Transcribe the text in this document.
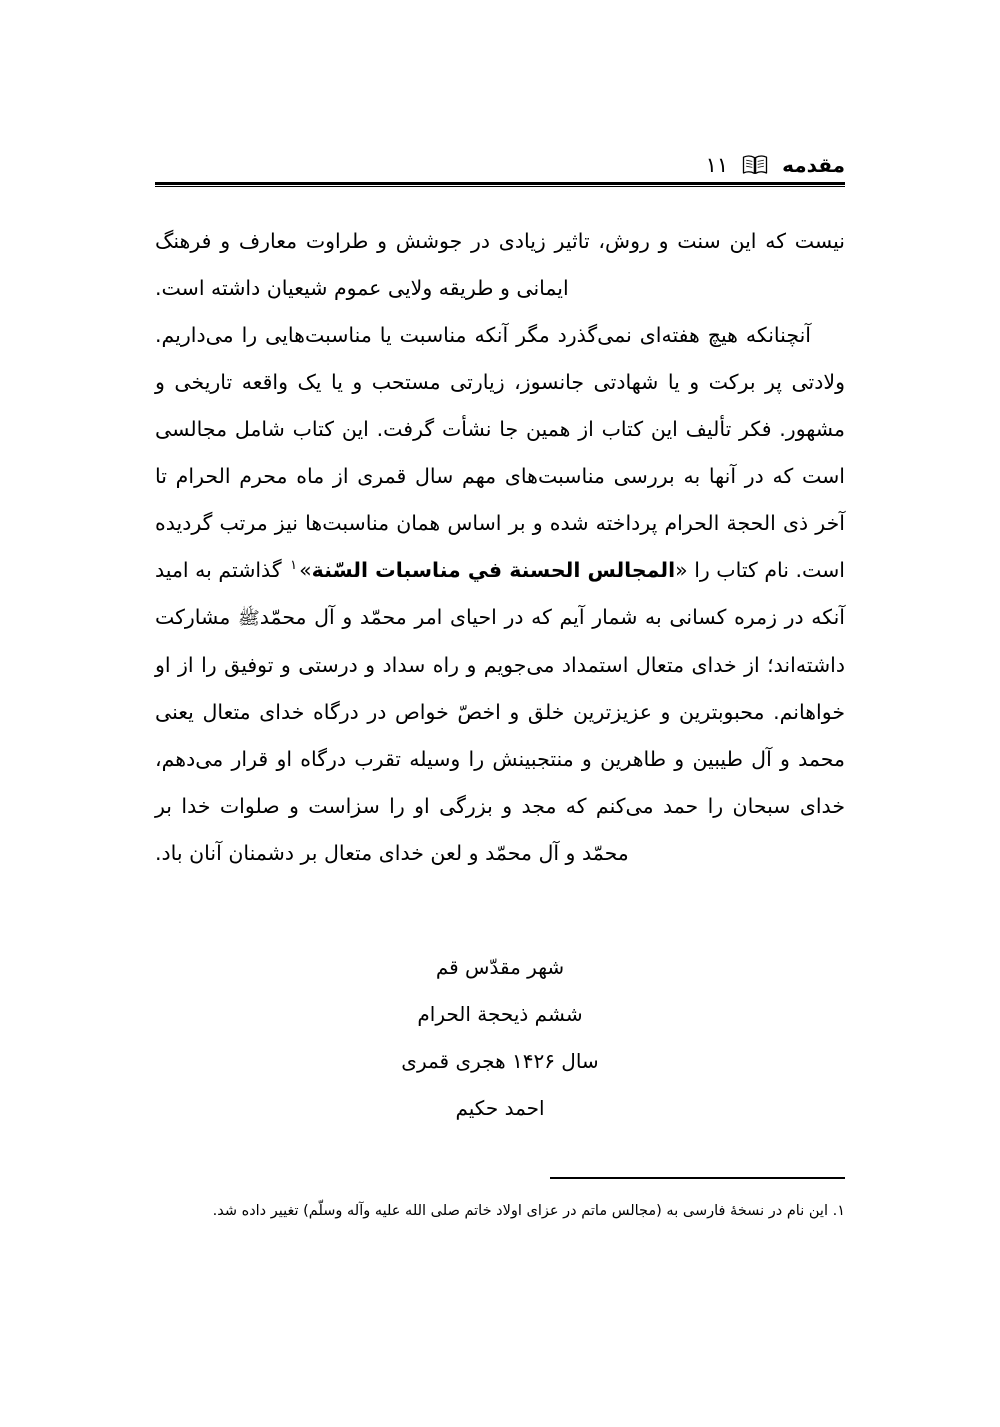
مقدمه
١١

نیست که این سنت و روش، تاثیر زیادی در جوشش و طراوت معارف و فرهنگ ایمانی و طریقه ولایی عموم شیعیان داشته است.

آنچنانکه هیچ هفته‌ای نمی‌گذرد مگر آنکه مناسبت یا مناسبت‌هایی را می‌داریم. ولادتی پر برکت و یا شهادتی جانسوز، زیارتی مستحب و یا یک واقعه تاریخی و مشهور. فکر تألیف این کتاب از همین جا نشأت گرفت. این کتاب شامل مجالسی است که در آنها به بررسی مناسبت‌های مهم سال قمری از ماه محرم الحرام تا آخر ذی الحجة الحرام پرداخته شده و بر اساس همان مناسبت‌ها نیز مرتب گردیده است. نام کتاب را «المجالس الحسنة في مناسبات السّنة»$^١$ گذاشتم به امید آنکه در زمره کسانی به شمار آیم که در احیای امر محمّد و آل محمّدﷺ مشارکت داشته‌اند؛ از خدای متعال استمداد می‌جویم و راه سداد و درستی و توفیق را از او خواهانم. محبوبترین و عزیزترین خلق و اخصّ خواص در درگاه خدای متعال یعنی محمد و آل طیبین و طاهرین و منتجبینش را وسیله تقرب درگاه او قرار می‌دهم، خدای سبحان را حمد می‌کنم که مجد و بزرگی او را سزاست و صلوات خدا بر محمّد و آل محمّد و لعن خدای متعال بر دشمنان آنان باد.

شهر مقدّس قم
ششم ذیحجة الحرام
سال ۱۴۲۶ هجری قمری
احمد حکیم

١. این نام در نسخۀ فارسی به (مجالس ماتم در عزای اولاد خاتم صلی الله علیه وآله وسلّم) تغییر داده شد.
